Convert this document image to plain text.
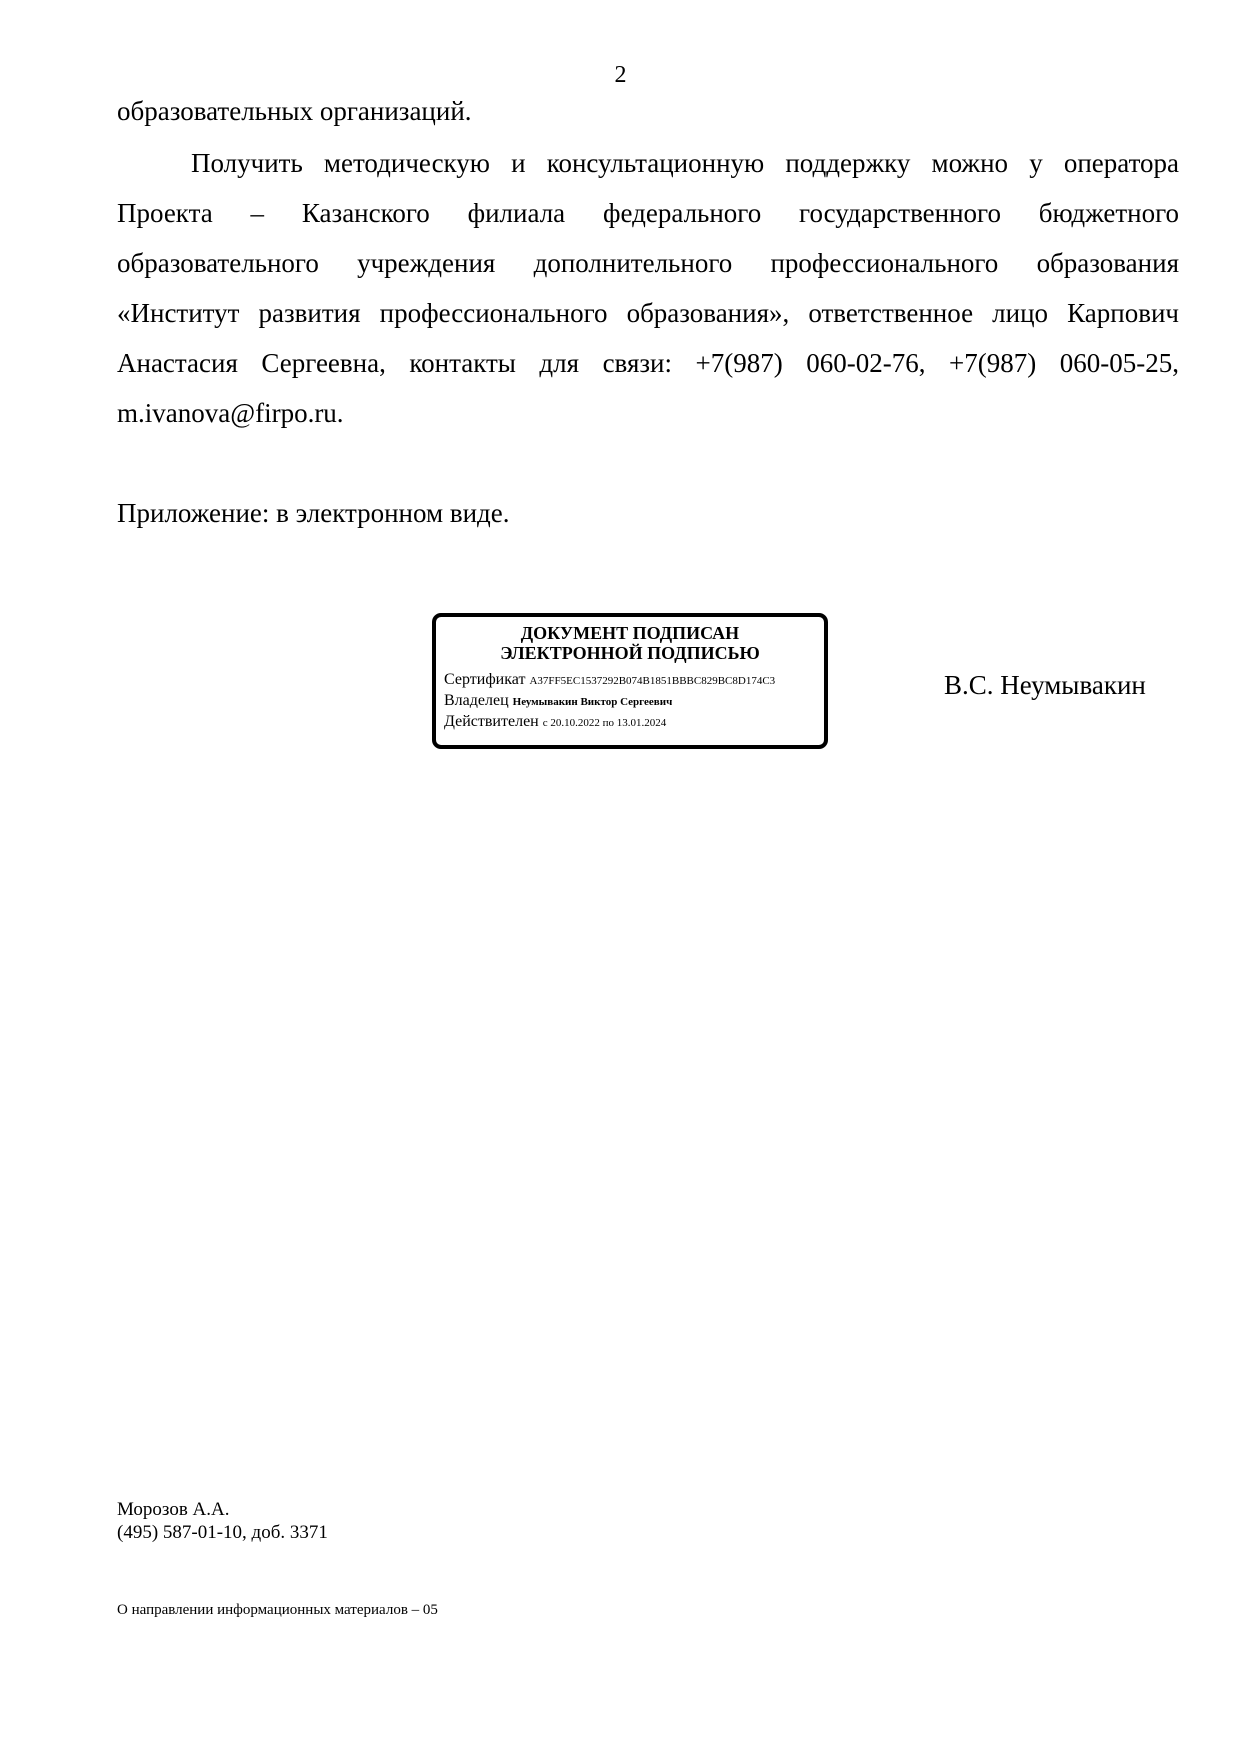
2
образовательных организаций.

Получить методическую и консультационную поддержку можно у оператора Проекта – Казанского филиала федерального государственного бюджетного образовательного учреждения дополнительного профессионального образования «Институт развития профессионального образования», ответственное лицо Карпович Анастасия Сергеевна, контакты для связи: +7(987) 060-02-76, +7(987) 060-05-25, m.ivanova@firpo.ru.

Приложение: в электронном виде.
ДОКУМЕНТ ПОДПИСАН
ЭЛЕКТРОННОЙ ПОДПИСЬЮ
Сертификат A37FF5EC1537292B074B1851BBBC829BC8D174C3
Владелец Неумывакин Виктор Сергеевич
Действителен с 20.10.2022 по 13.01.2024
В.С. Неумывакин
Морозов А.А.
(495) 587-01-10, доб. 3371
О направлении информационных материалов – 05
